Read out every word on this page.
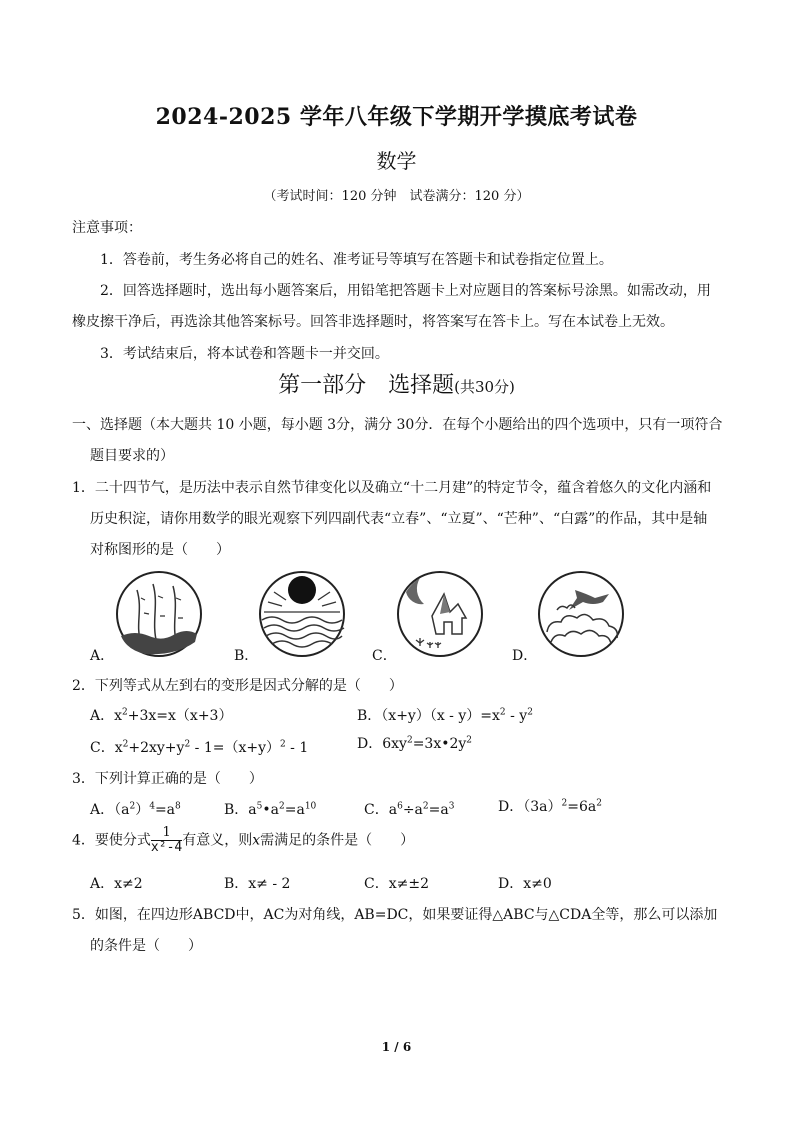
2024-2025 学年八年级下学期开学摸底考试卷
数学
（考试时间：120 分钟　试卷满分：120 分）
注意事项：
1．答卷前，考生务必将自己的姓名、准考证号等填写在答题卡和试卷指定位置上。
2．回答选择题时，选出每小题答案后，用铅笔把答题卡上对应题目的答案标号涂黑。如需改动，用
橡皮擦干净后，再选涂其他答案标号。回答非选择题时，将答案写在答卡上。写在本试卷上无效。
3．考试结束后，将本试卷和答题卡一并交回。
第一部分　选择题(共30分)
一、选择题（本大题共 10 小题，每小题 3分，满分 30分．在每个小题给出的四个选项中，只有一项符合
题目要求的）
1．二十四节气，是历法中表示自然节律变化以及确立“十二月建”的特定节令，蕴含着悠久的文化内涵和
历史积淀，请你用数学的眼光观察下列四副代表“立春”、“立夏”、“芒种”、“白露”的作品，其中是轴
对称图形的是（　　）
A．	B．	C．	D．
2．下列等式从左到右的变形是因式分解的是（　　）
A．$x^2+3x=x(x+3)$	B．$(x+y)(x - y)=x^2 - y^2$
C．$x^2+2xy+y^2 - 1=(x+y)^2 - 1$	D．$6xy^2=3x•2y^2$
3．下列计算正确的是（　　）
A．$(a^2)^4=a^8$	B．$a^5•a^2=a^{10}$	C．$a^6\div a^2=a^3$	D．$(3a)^2=6a^2$
4．要使分式 $\frac{1}{\text{x²-4}}$ 有意义，则x需满足的条件是（　　）
A．x≠2	B．x≠ - 2	C．x≠±2	D．x≠0
5．如图，在四边形ABCD中，AC为对角线，AB=DC，如果要证得△ABC与△CDA全等，那么可以添加
的条件是（　　）
1 / 6
